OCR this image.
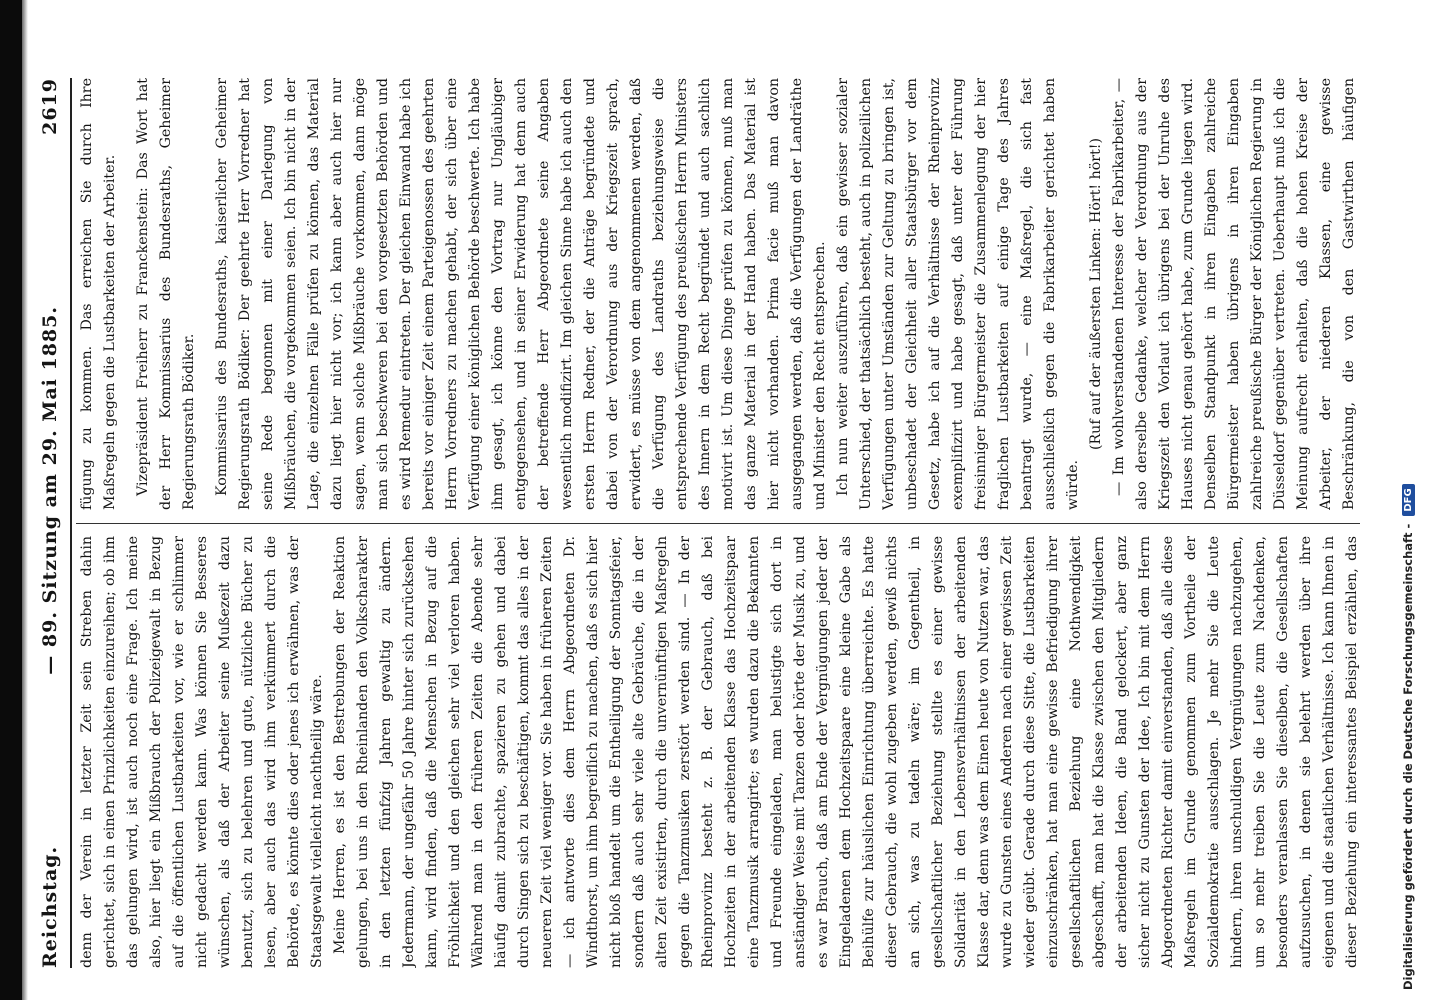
Reichstag.
— 89. Sitzung am 29. Mai 1885.
2619

denn der Verein in letzter Zeit sein Streben dahin gerichtet, sich in einen Prinzlichkeiten einzureihen; ob ihm das gelungen wird, ist auch noch eine Frage. Ich meine also, hier liegt ein Mißbrauch der Polizeigewalt in Bezug auf die öffentlichen Lustbarkeiten vor, wie er schlimmer nicht gedacht werden kann. Was können Sie Besseres wünschen, als daß der Arbeiter seine Mußezeit dazu benutzt, sich zu belehren und gute, nützliche Bücher zu lesen, aber auch das wird ihm verkümmert durch die Behörde, es könnte dies oder jenes ich erwähnen, was der Staatsgewalt vielleicht nachtheilig wäre. Meine Herren, es ist den Bestrebungen der Reaktion gelungen, bei uns in den Rheinlanden den Volkscharakter in den letzten fünfzig Jahren gewaltig zu ändern. Jedermann, der ungefähr 50 Jahre hinter sich zurücksehen kann, wird finden, daß die Menschen in Bezug auf die Fröhlichkeit und den gleichen sehr viel verloren haben. Während man in den früheren Zeiten die Abende sehr häufig damit zubrachte, spazieren zu gehen und dabei durch Singen sich zu beschäftigen, kommt das alles in der neueren Zeit viel weniger vor. Sie haben in früheren Zeiten — ich antworte dies dem Herrn Abgeordneten Dr. Windthorst, um ihm begreiflich zu machen, daß es sich hier nicht bloß handelt um die Entheiligung der Sonntagsfeier, sondern daß auch sehr viele alte Gebräuche, die in der alten Zeit existirten, durch die unvernünftigen Maßregeln gegen die Tanzmusiken zerstört werden sind. — In der Rheinprovinz besteht z. B. der Gebrauch, daß bei Hochzeiten in der arbeitenden Klasse das Hochzeitspaar eine Tanzmusik arrangirte; es wurden dazu die Bekannten und Freunde eingeladen, man belustigte sich dort in anständiger Weise mit Tanzen oder hörte der Musik zu, und es war Brauch, daß am Ende der Vergnügungen jeder der Eingeladenen dem Hochzeitspaare eine kleine Gabe als Beihülfe zur häuslichen Einrichtung überreichte. Es hatte dieser Gebrauch, die wohl zugeben werden, gewiß nichts an sich, was zu tadeln wäre; im Gegentheil, in gesellschaftlicher Beziehung stellte es einer gewisse Solidarität in den Lebensverhältnissen der arbeitenden Klasse dar, denn was dem Einen heute von Nutzen war, das wurde zu Gunsten eines Anderen nach einer gewissen Zeit wieder geübt. Gerade durch diese Sitte, die Lustbarkeiten einzuschränken, hat man eine gewisse Befriedigung ihrer gesellschaftlichen Beziehung eine Nothwendigkeit abgeschafft, man hat die Klasse zwischen den Mitgliedern der arbeitenden Ideen, die Band gelockert, aber ganz sicher nicht zu Gunsten der Idee, Ich bin mit dem Herrn Abgeordneten Richter damit einverstanden, daß alle diese Maßregeln im Grunde genommen zum Vortheile der Sozialdemokratie ausschlagen. Je mehr Sie die Leute hindern, ihren unschuldigen Vergnügungen nachzugehen, um so mehr treiben Sie die Leute zum Nachdenken, besonders veranlassen Sie dieselben, die Gesellschaften aufzusuchen, in denen sie belehrt werden über ihre eigenen und die staatlichen Verhältnisse. Ich kann Ihnen in dieser Beziehung ein interessantes Beispiel erzählen, das

fügung zu kommen. Das erreichen Sie durch Ihre Maßregeln gegen die Lustbarkeiten der Arbeiter. Vizepräsident Freiherr zu Franckenstein: Das Wort hat der Herr Kommissarius des Bundesraths, Geheimer Regierungsrath Bödiker. Kommissarius des Bundesraths, kaiserlicher Geheimer Regierungsrath Bödiker: Der geehrte Herr Vorredner hat seine Rede begonnen mit einer Darlegung von Mißbräuchen, die vorgekommen seien. Ich bin nicht in der Lage, die einzelnen Fälle prüfen zu können, das Material dazu liegt hier nicht vor; ich kann aber auch hier nur sagen, wenn solche Mißbräuche vorkommen, dann möge man sich beschweren bei den vorgesetzten Behörden und es wird Remedur eintreten. Der gleichen Einwand habe ich bereits vor einiger Zeit einem Parteigenossen des geehrten Herrn Vorredners zu machen gehabt, der sich über eine Verfügung einer königlichen Behörde beschwerte. Ich habe ihm gesagt, ich könne den Vortrag nur Ungläubiger entgegensehen, und in seiner Erwiderung hat denn auch der betreffende Herr Abgeordnete seine Angaben wesentlich modifizirt. Im gleichen Sinne habe ich auch den ersten Herrn Redner, der die Anträge begründete und dabei von der Verordnung aus der Kriegszeit sprach, erwidert, es müsse von dem angenommenen werden, daß die Verfügung des Landraths beziehungsweise die entsprechende Verfügung des preußischen Herrn Ministers des Innern in dem Recht begründet und auch sachlich motivirt ist. Um diese Dinge prüfen zu können, muß man das ganze Material in der Hand haben. Das Material ist hier nicht vorhanden. Prima facie muß man davon ausgegangen werden, daß die Verfügungen der Landräthe und Minister den Recht entsprechen. Ich nun weiter auszuführen, daß ein gewisser sozialer Unterschied, der thatsächlich besteht, auch in polizeilichen Verfügungen unter Umständen zur Geltung zu bringen ist, unbeschadet der Gleichheit aller Staatsbürger vor dem Gesetz, habe ich auf die Verhältnisse der Rheinprovinz exemplifizirt und habe gesagt, daß unter der Führung freisinniger Bürgermeister die Zusammenlegung der hier fraglichen Lustbarkeiten auf einige Tage des Jahres beantragt wurde, — eine Maßregel, die sich fast ausschließlich gegen die Fabrikarbeiter gerichtet haben würde.

(Ruf auf der äußersten Linken: Hört! hört!)

— Im wohlverstandenen Interesse der Fabrikarbeiter, — also derselbe Gedanke, welcher der Verordnung aus der Kriegszeit den Vorlaut ich übrigens bei der Unruhe des Hauses nicht genau gehört habe, zum Grunde liegen wird. Denselben Standpunkt in ihren Eingaben zahlreiche Bürgermeister haben übrigens in ihren Eingaben zahlreiche preußische Bürger der Königlichen Regierung in Düsseldorf gegenüber vertreten. Ueberhaupt muß ich die Meinung aufrecht erhalten, daß die hohen Kreise der Arbeiter, der niederen Klassen, eine gewisse Beschränkung, die von den Gastwirthen häufigen

Digitalisierung gefördert durch die Deutsche Forschungsgemeinschaft -
DFG
